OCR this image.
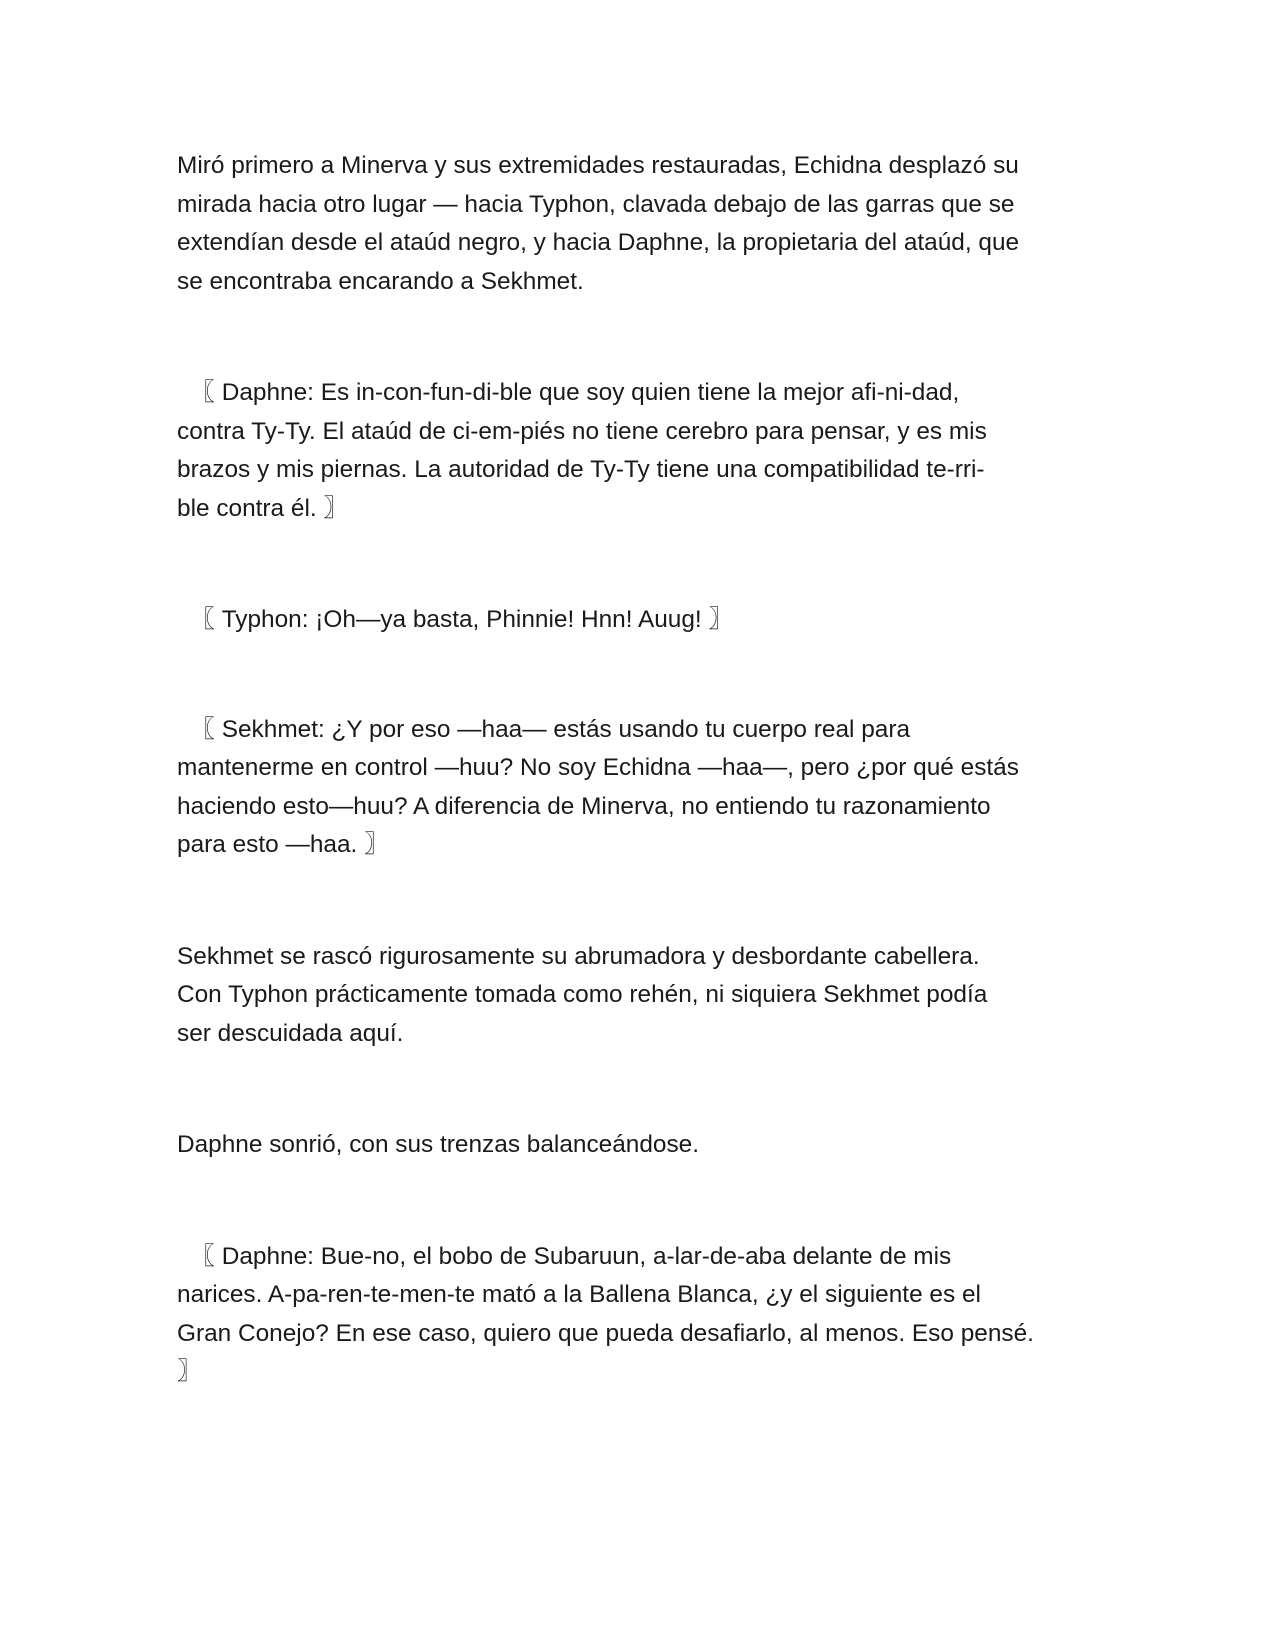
Miró primero a Minerva y sus extremidades restauradas, Echidna desplazó su
mirada hacia otro lugar — hacia Typhon, clavada debajo de las garras que se
extendían desde el ataúd negro, y hacia Daphne, la propietaria del ataúd, que
se encontraba encarando a Sekhmet.

〖 Daphne: Es in-con-fun-di-ble que soy quien tiene la mejor afi-ni-dad,
contra Ty-Ty. El ataúd de ci-em-piés no tiene cerebro para pensar, y es mis
brazos y mis piernas. La autoridad de Ty-Ty tiene una compatibilidad te-rri-
ble contra él. 〗

〖 Typhon: ¡Oh—ya basta, Phinnie! Hnn! Auug! 〗

〖 Sekhmet: ¿Y por eso —haa— estás usando tu cuerpo real para
mantenerme en control —huu? No soy Echidna —haa—, pero ¿por qué estás
haciendo esto—huu? A diferencia de Minerva, no entiendo tu razonamiento
para esto —haa. 〗

Sekhmet se rascó rigurosamente su abrumadora y desbordante cabellera.
Con Typhon prácticamente tomada como rehén, ni siquiera Sekhmet podía
ser descuidada aquí.

Daphne sonrió, con sus trenzas balanceándose.

〖 Daphne: Bue-no, el bobo de Subaruun, a-lar-de-aba delante de mis
narices. A-pa-ren-te-men-te mató a la Ballena Blanca, ¿y el siguiente es el
Gran Conejo? En ese caso, quiero que pueda desafiarlo, al menos. Eso pensé.
〗
